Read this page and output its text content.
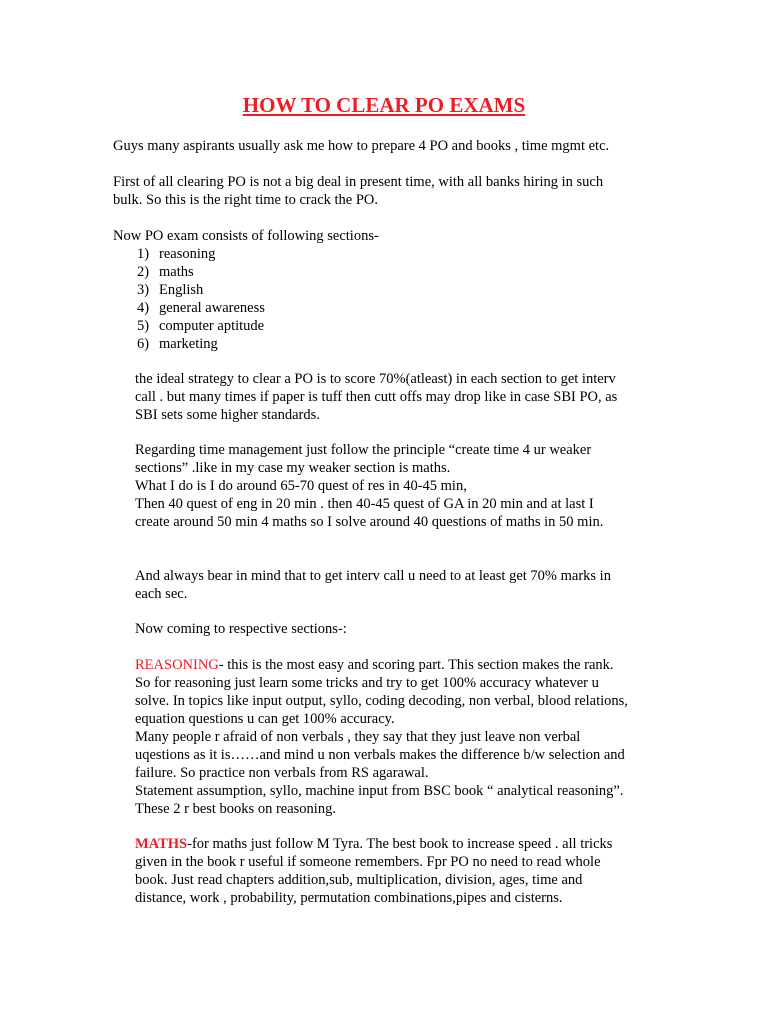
HOW TO CLEAR PO EXAMS
Guys many aspirants usually ask me how to prepare 4 PO and books , time mgmt etc.
First of all clearing PO is not a big deal in present time, with all banks hiring in such
bulk. So this is the right time to crack the PO.
Now PO exam consists of following sections-
1) reasoning
2) maths
3) English
4) general awareness
5) computer aptitude
6) marketing
the ideal strategy to clear a PO is to score 70%(atleast) in each section to get interv
call . but many times if paper is tuff then cutt offs may drop like in case SBI PO, as
SBI sets some higher standards.
Regarding time management just follow the principle “create time 4 ur weaker
sections” .like in my case my weaker section is maths.
What I do is I do around 65-70 quest of res in 40-45 min,
Then 40 quest of eng in 20 min . then 40-45 quest of GA in 20 min and at last I
create around 50 min 4 maths so I solve around 40 questions of maths in 50 min.
And always bear in mind that to get interv call u need to at least get 70% marks in
each sec.
Now coming to respective sections-:
REASONING- this is the most easy and scoring part. This section makes the rank.
So for reasoning just learn some tricks and try to get 100% accuracy whatever u
solve. In topics like input output, syllo, coding decoding, non verbal, blood relations,
equation questions u can get 100% accuracy.
Many people r afraid of non verbals , they say that they just leave non verbal
uqestions as it is……and mind u non verbals makes the difference b/w selection and
failure. So practice non verbals from RS agarawal.
Statement assumption, syllo, machine input from BSC book “ analytical reasoning”.
These 2 r best books on reasoning.
MATHS-for maths just follow M Tyra. The best book to increase speed . all tricks
given in the book r useful if someone remembers. Fpr PO no need to read whole
book. Just read chapters addition,sub, multiplication, division, ages, time and
distance, work , probability, permutation combinations,pipes and cisterns.
